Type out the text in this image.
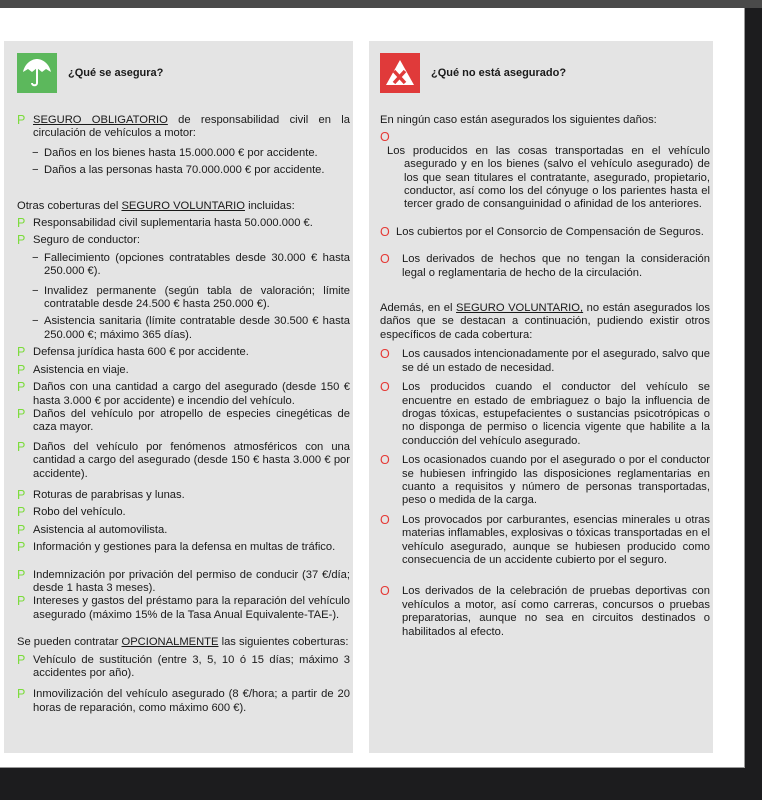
¿Qué se asegura?
P SEGURO OBLIGATORIO de responsabilidad civil en la circulación de vehículos a motor:
− Daños en los bienes hasta 15.000.000 € por accidente.
− Daños a las personas hasta 70.000.000 € por accidente.
Otras coberturas del SEGURO VOLUNTARIO incluidas:
P Responsabilidad civil suplementaria hasta 50.000.000 €.
P Seguro de conductor:
− Fallecimiento (opciones contratables desde 30.000 € hasta 250.000 €).
− Invalidez permanente (según tabla de valoración; límite contratable desde 24.500 € hasta 250.000 €).
− Asistencia sanitaria (límite contratable desde 30.500 € hasta 250.000 €; máximo 365 días).
P Defensa jurídica hasta 600 € por accidente.
P Asistencia en viaje.
P Daños con una cantidad a cargo del asegurado (desde 150 € hasta 3.000 € por accidente) e incendio del vehículo.
P Daños del vehículo por atropello de especies cinegéticas de caza mayor.
P Daños del vehículo por fenómenos atmosféricos con una cantidad a cargo del asegurado (desde 150 € hasta 3.000 € por accidente).
P Roturas de parabrisas y lunas.
P Robo del vehículo.
P Asistencia al automovilista.
P Información y gestiones para la defensa en multas de tráfico.
P Indemnización por privación del permiso de conducir (37 €/día; desde 1 hasta 3 meses).
P Intereses y gastos del préstamo para la reparación del vehículo asegurado (máximo 15% de la Tasa Anual Equivalente-TAE-).
Se pueden contratar OPCIONALMENTE las siguientes coberturas:
P Vehículo de sustitución (entre 3, 5, 10 ó 15 días; máximo 3 accidentes por año).
P Inmovilización del vehículo asegurado (8 €/hora; a partir de 20 horas de reparación, como máximo 600 €).
¿Qué no está asegurado?
En ningún caso están asegurados los siguientes daños:
O
Los producidos en las cosas transportadas en el vehículo asegurado y en los bienes (salvo el vehículo asegurado) de los que sean titulares el contratante, asegurado, propietario, conductor, así como los del cónyuge o los parientes hasta el tercer grado de consanguinidad o afinidad de los anteriores.
O Los cubiertos por el Consorcio de Compensación de Seguros.
O Los derivados de hechos que no tengan la consideración legal o reglamentaria de hecho de la circulación.
Además, en el SEGURO VOLUNTARIO, no están asegurados los daños que se destacan a continuación, pudiendo existir otros específicos de cada cobertura:
O Los causados intencionadamente por el asegurado, salvo que se dé un estado de necesidad.
O Los producidos cuando el conductor del vehículo se encuentre en estado de embriaguez o bajo la influencia de drogas tóxicas, estupefacientes o sustancias psicotrópicas o no disponga de permiso o licencia vigente que habilite a la conducción del vehículo asegurado.
O Los ocasionados cuando por el asegurado o por el conductor se hubiesen infringido las disposiciones reglamentarias en cuanto a requisitos y número de personas transportadas, peso o medida de la carga.
O Los provocados por carburantes, esencias minerales u otras materias inflamables, explosivas o tóxicas transportadas en el vehículo asegurado, aunque se hubiesen producido como consecuencia de un accidente cubierto por el seguro.
O Los derivados de la celebración de pruebas deportivas con vehículos a motor, así como carreras, concursos o pruebas preparatorias, aunque no sea en circuitos destinados o habilitados al efecto.
